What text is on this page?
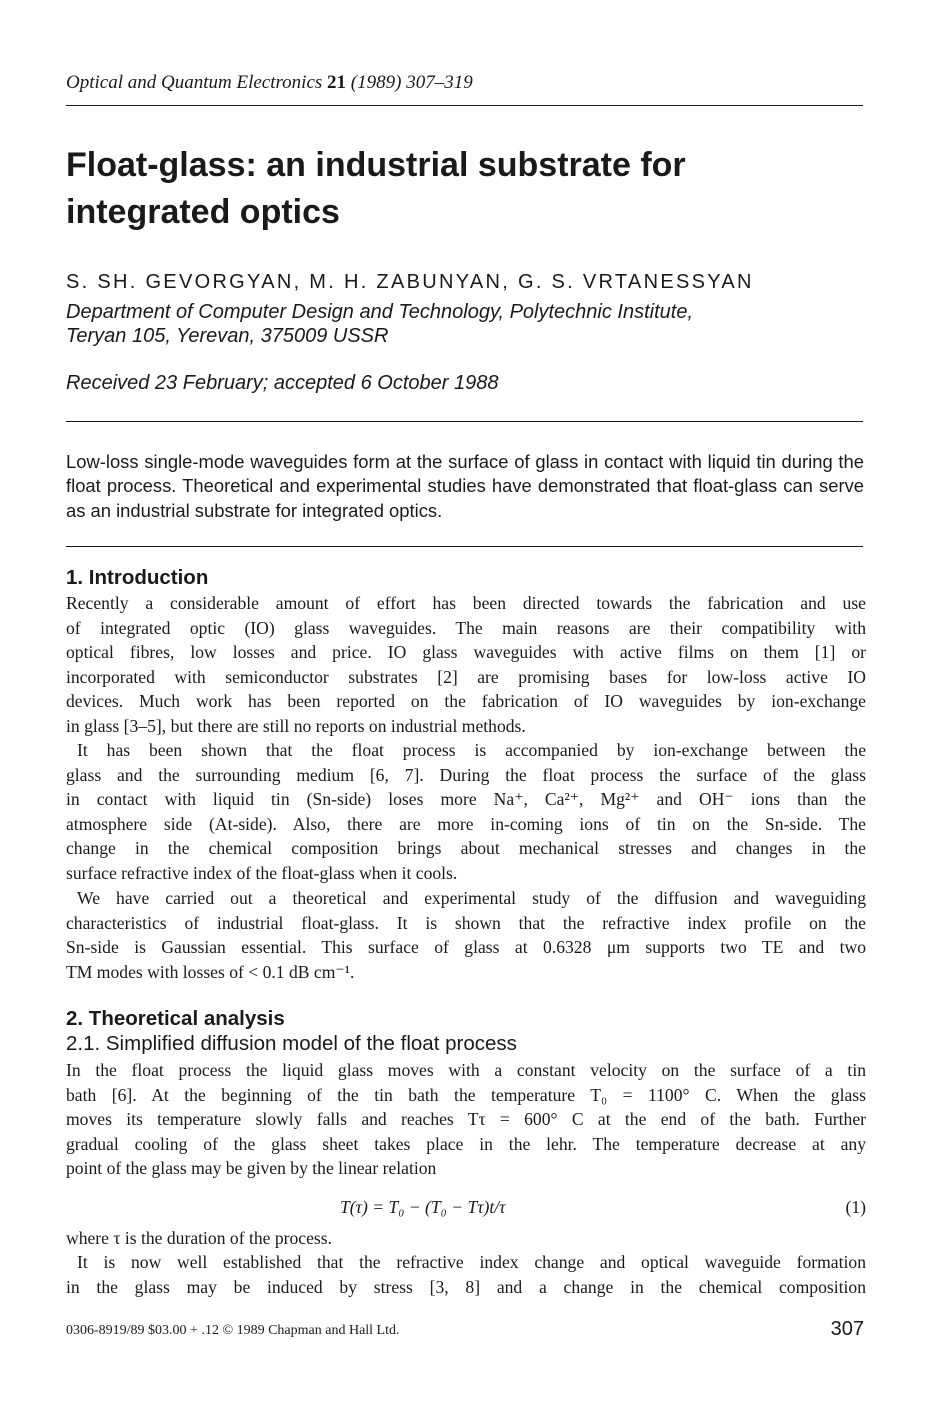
Optical and Quantum Electronics 21 (1989) 307–319
Float-glass: an industrial substrate for
integrated optics
S. SH. GEVORGYAN, M. H. ZABUNYAN, G. S. VRTANESSYAN
Department of Computer Design and Technology, Polytechnic Institute,
Teryan 105, Yerevan, 375009 USSR
Received 23 February; accepted 6 October 1988
Low-loss single-mode waveguides form at the surface of glass in contact with liquid tin during the float process. Theoretical and experimental studies have demonstrated that float-glass can serve as an industrial substrate for integrated optics.
1. Introduction
Recently a considerable amount of effort has been directed towards the fabrication and use
of integrated optic (IO) glass waveguides. The main reasons are their compatibility with
optical fibres, low losses and price. IO glass waveguides with active films on them [1] or
incorporated with semiconductor substrates [2] are promising bases for low-loss active IO
devices. Much work has been reported on the fabrication of IO waveguides by ion-exchange
in glass [3–5], but there are still no reports on industrial methods.
It has been shown that the float process is accompanied by ion-exchange between the
glass and the surrounding medium [6, 7]. During the float process the surface of the glass
in contact with liquid tin (Sn-side) loses more Na⁺, Ca²⁺, Mg²⁺ and OH⁻ ions than the
atmosphere side (At-side). Also, there are more in-coming ions of tin on the Sn-side. The
change in the chemical composition brings about mechanical stresses and changes in the
surface refractive index of the float-glass when it cools.
We have carried out a theoretical and experimental study of the diffusion and waveguiding
characteristics of industrial float-glass. It is shown that the refractive index profile on the
Sn-side is Gaussian essential. This surface of glass at 0.6328 μm supports two TE and two
TM modes with losses of < 0.1 dB cm⁻¹.
2. Theoretical analysis
2.1. Simplified diffusion model of the float process
In the float process the liquid glass moves with a constant velocity on the surface of a tin
bath [6]. At the beginning of the tin bath the temperature T₀ = 1100° C. When the glass
moves its temperature slowly falls and reaches Tτ = 600° C at the end of the bath. Further
gradual cooling of the glass sheet takes place in the lehr. The temperature decrease at any
point of the glass may be given by the linear relation
T(τ) = T₀ − (T₀ − Tτ)t/τ	(1)
where τ is the duration of the process.
It is now well established that the refractive index change and optical waveguide formation
in the glass may be induced by stress [3, 8] and a change in the chemical composition
0306-8919/89 $03.00 + .12 © 1989 Chapman and Hall Ltd.	307
